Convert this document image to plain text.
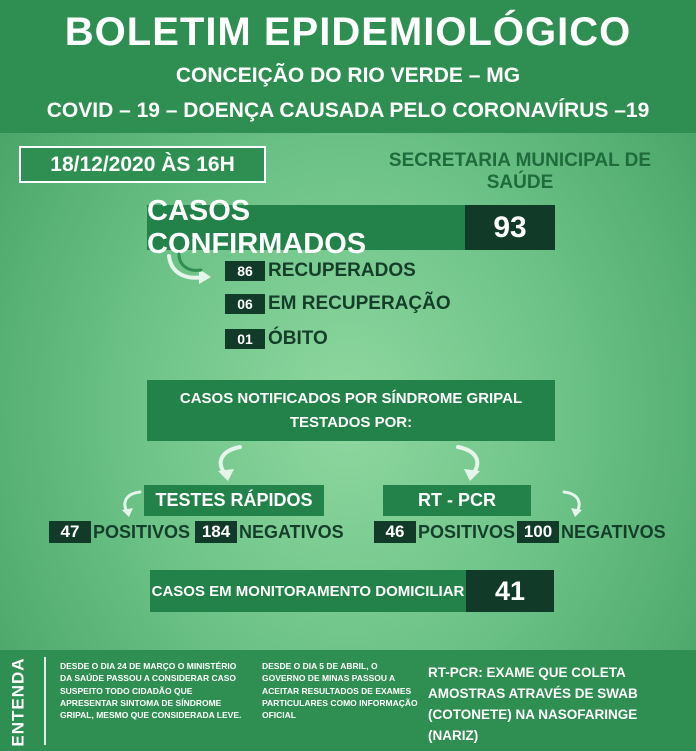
BOLETIM EPIDEMIOLÓGICO
CONCEIÇÃO DO RIO VERDE – MG
COVID – 19 – DOENÇA CAUSADA PELO CORONAVÍRUS –19
18/12/2020 ÀS 16H	SECRETARIA MUNICIPAL DE SAÚDE
CASOS CONFIRMADOS	93
86 RECUPERADOS
06 EM RECUPERAÇÃO
01 ÓBITO
CASOS NOTIFICADOS POR SÍNDROME GRIPAL
TESTADOS POR:
TESTES RÁPIDOS	RT - PCR
47 POSITIVOS 184 NEGATIVOS	46 POSITIVOS 100 NEGATIVOS
CASOS EM MONITORAMENTO DOMICILIAR	41
ENTENDA	DESDE O DIA 24 DE MARÇO O MINISTÉRIO DA SAÚDE PASSOU A CONSIDERAR CASO SUSPEITO TODO CIDADÃO QUE APRESENTAR SINTOMA DE SÍNDROME GRIPAL, MESMO QUE CONSIDERADA LEVE.
DESDE O DIA 5 DE ABRIL, O GOVERNO DE MINAS PASSOU A ACEITAR RESULTADOS DE EXAMES PARTICULARES COMO INFORMAÇÃO OFICIAL
RT-PCR: EXAME QUE COLETA AMOSTRAS ATRAVÉS DE SWAB (COTONETE) NA NASOFARINGE (NARIZ)
